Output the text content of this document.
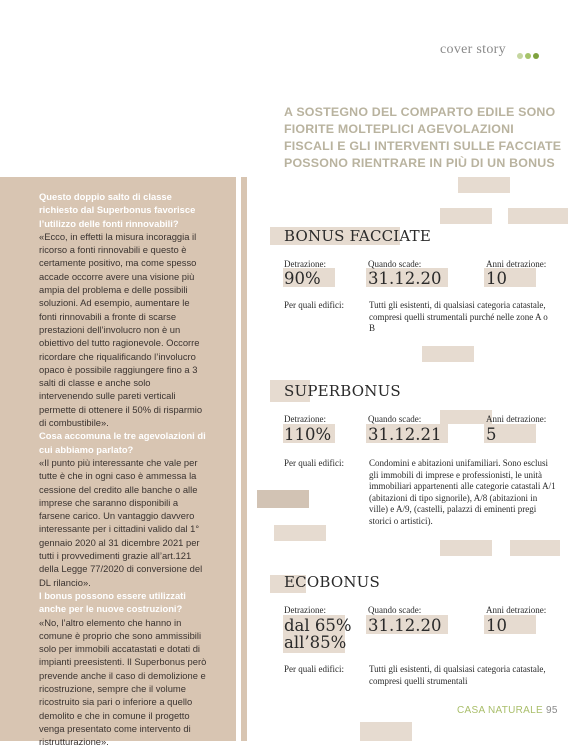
cover story
A SOSTEGNO DEL COMPARTO EDILE SONO FIORITE MOLTEPLICI AGEVOLAZIONI FISCALI E GLI INTERVENTI SULLE FACCIATE POSSONO RIENTRARE IN PIÙ DI UN BONUS

Questo doppio salto di classe richiesto dal Superbonus favorisce l’utilizzo delle fonti rinnovabili?

«Ecco, in effetti la misura incoraggia il ricorso a fonti rinnovabili e questo è certamente positivo, ma come spesso accade occorre avere una visione più ampia del problema e delle possibili soluzioni. Ad esempio, aumentare le fonti rinnovabili a fronte di scarse prestazioni dell’involucro non è un obiettivo del tutto ragionevole. Occorre ricordare che riqualificando l’involucro opaco è possibile raggiungere fino a 3 salti di classe e anche solo intervenendo sulle pareti verticali permette di ottenere il 50% di risparmio di combustibile».

Cosa accomuna le tre agevolazioni di cui abbiamo parlato?

«Il punto più interessante che vale per tutte è che in ogni caso è ammessa la cessione del credito alle banche o alle imprese che saranno disponibili a farsene carico. Un vantaggio davvero interessante per i cittadini valido dal 1° gennaio 2020 al 31 dicembre 2021 per tutti i provvedimenti grazie all’art.121 della Legge 77/2020 di conversione del DL rilancio».

I bonus possono essere utilizzati anche per le nuove costruzioni?

«No, l’altro elemento che hanno in comune è proprio che sono ammissibili solo per immobili accatastati e dotati di impianti preesistenti. Il Superbonus però prevende anche il caso di demolizione e ricostruzione, sempre che il volume ricostruito sia pari o inferiore a quello demolito e che in comune il progetto venga presentato come intervento di ristrutturazione».

BONUS FACCIATE
Detrazione:	Quando scade:	Anni detrazione:
90%	31.12.20	10
Per quali edifici:	Tutti gli esistenti, di qualsiasi categoria catastale, compresi quelli strumentali purché nelle zone A o B
SUPERBONUS
Detrazione:	Quando scade:	Anni detrazione:
110% 31.12.21	5
Per quali edifici:	Condomini e abitazioni unifamiliari. Sono esclusi gli immobili di imprese e professionisti, le unità immobiliari appartenenti alle categorie catastali A/1 (abitazioni di tipo signorile), A/8 (abitazioni in ville) e A/9, (castelli, palazzi di eminenti pregi storici o artistici).
ECOBONUS
Detrazione:	Quando scade:	Anni detrazione:
dal 65%
all’85%
31.12.20	10
Per quali edifici:	Tutti gli esistenti, di qualsiasi categoria catastale, compresi quelli strumentali
CASA NATURALE 95
